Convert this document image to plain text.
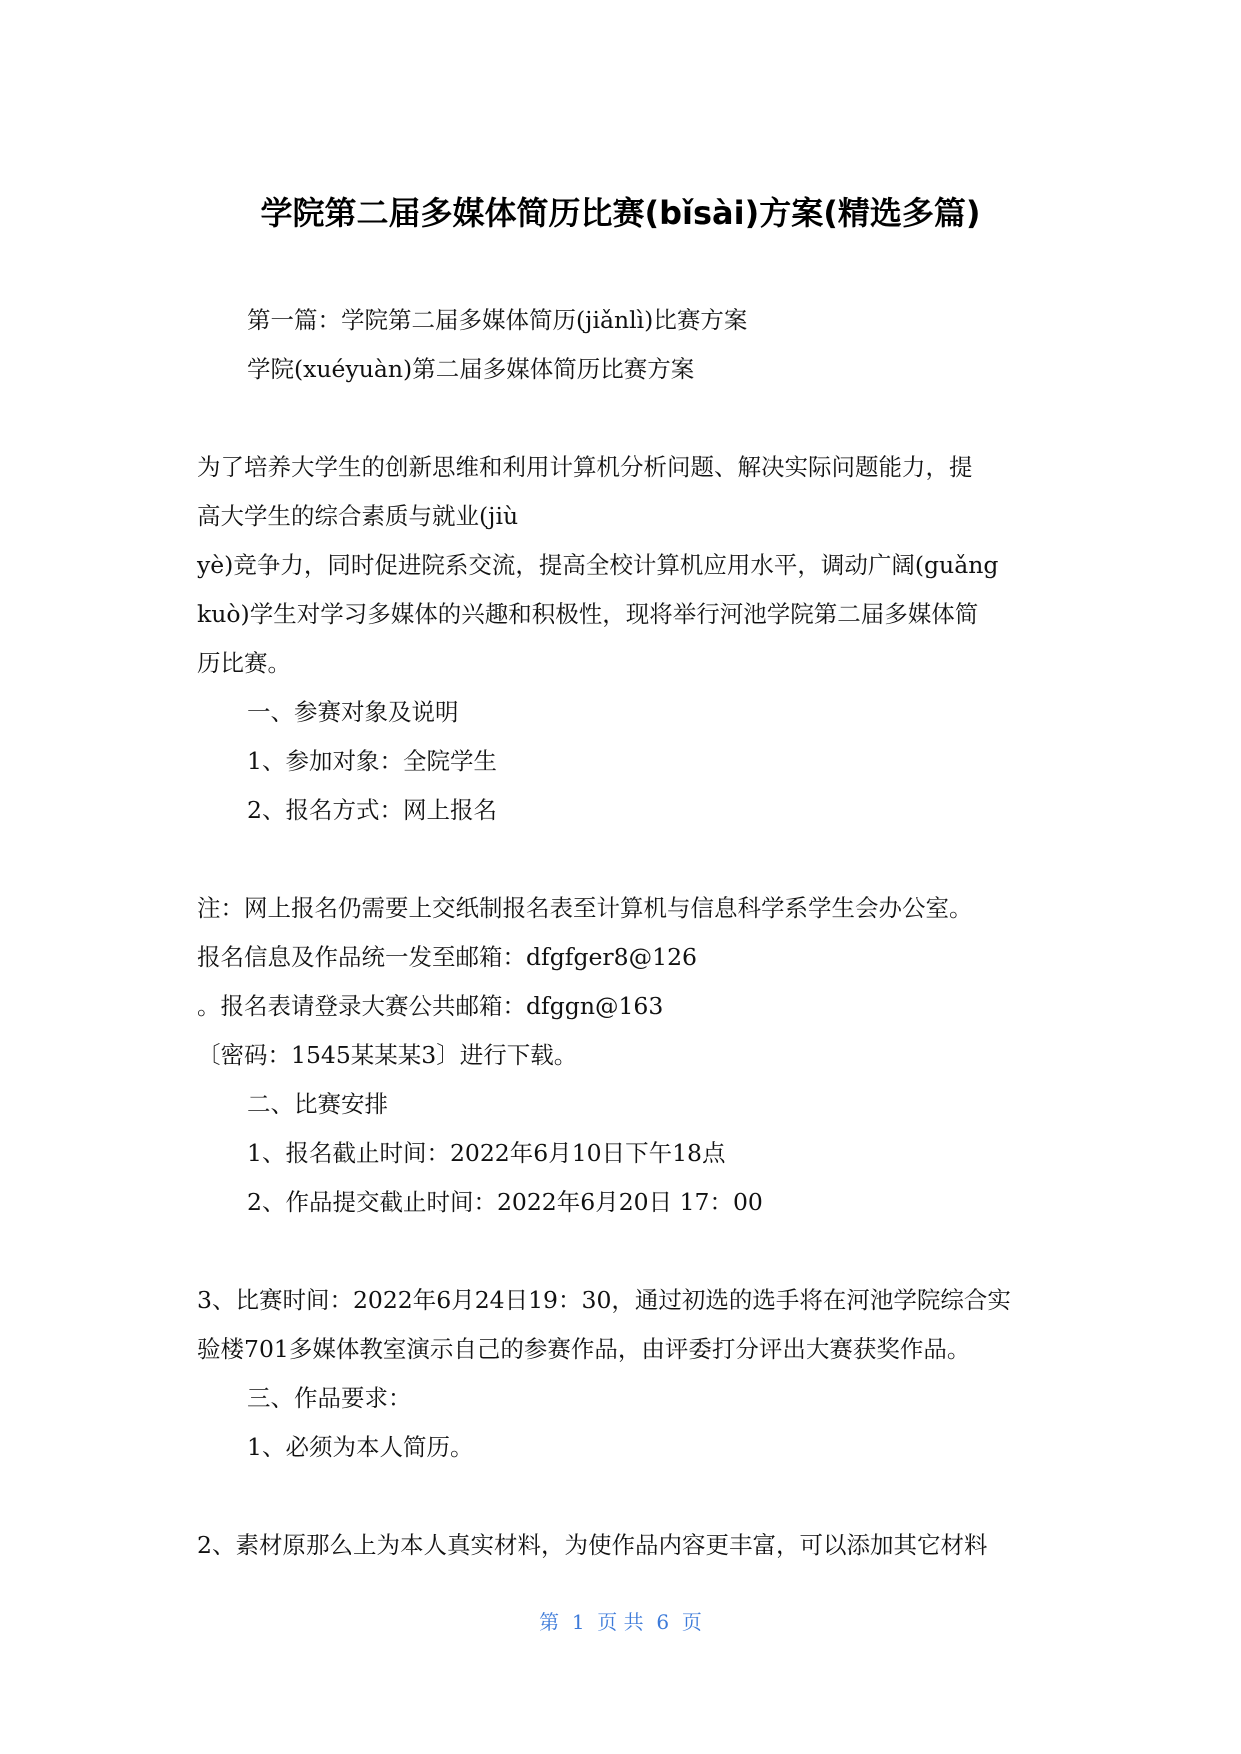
学院第二届多媒体简历比赛(bǐsài)方案(精选多篇)
第一篇：学院第二届多媒体简历(jiǎnlì)比赛方案
学院(xuéyuàn)第二届多媒体简历比赛方案
为了培养大学生的创新思维和利用计算机分析问题、解决实际问题能力，提
高大学生的综合素质与就业(jiù
yè)竞争力，同时促进院系交流，提高全校计算机应用水平，调动广阔(guǎng
kuò)学生对学习多媒体的兴趣和积极性，现将举行河池学院第二届多媒体简
历比赛。
一、参赛对象及说明
1、参加对象：全院学生
2、报名方式：网上报名
注：网上报名仍需要上交纸制报名表至计算机与信息科学系学生会办公室。
报名信息及作品统一发至邮箱：dfgfger8@126
。报名表请登录大赛公共邮箱：dfggn@163
〔密码：1545某某某3〕进行下载。
二、比赛安排
1、报名截止时间：2022年6月10日下午18点
2、作品提交截止时间：2022年6月20日 17：00
3、比赛时间：2022年6月24日19：30，通过初选的选手将在河池学院综合实
验楼701多媒体教室演示自己的参赛作品，由评委打分评出大赛获奖作品。
三、作品要求：
1、必须为本人简历。
2、素材原那么上为本人真实材料，为使作品内容更丰富，可以添加其它材料
第  1  页 共  6  页
